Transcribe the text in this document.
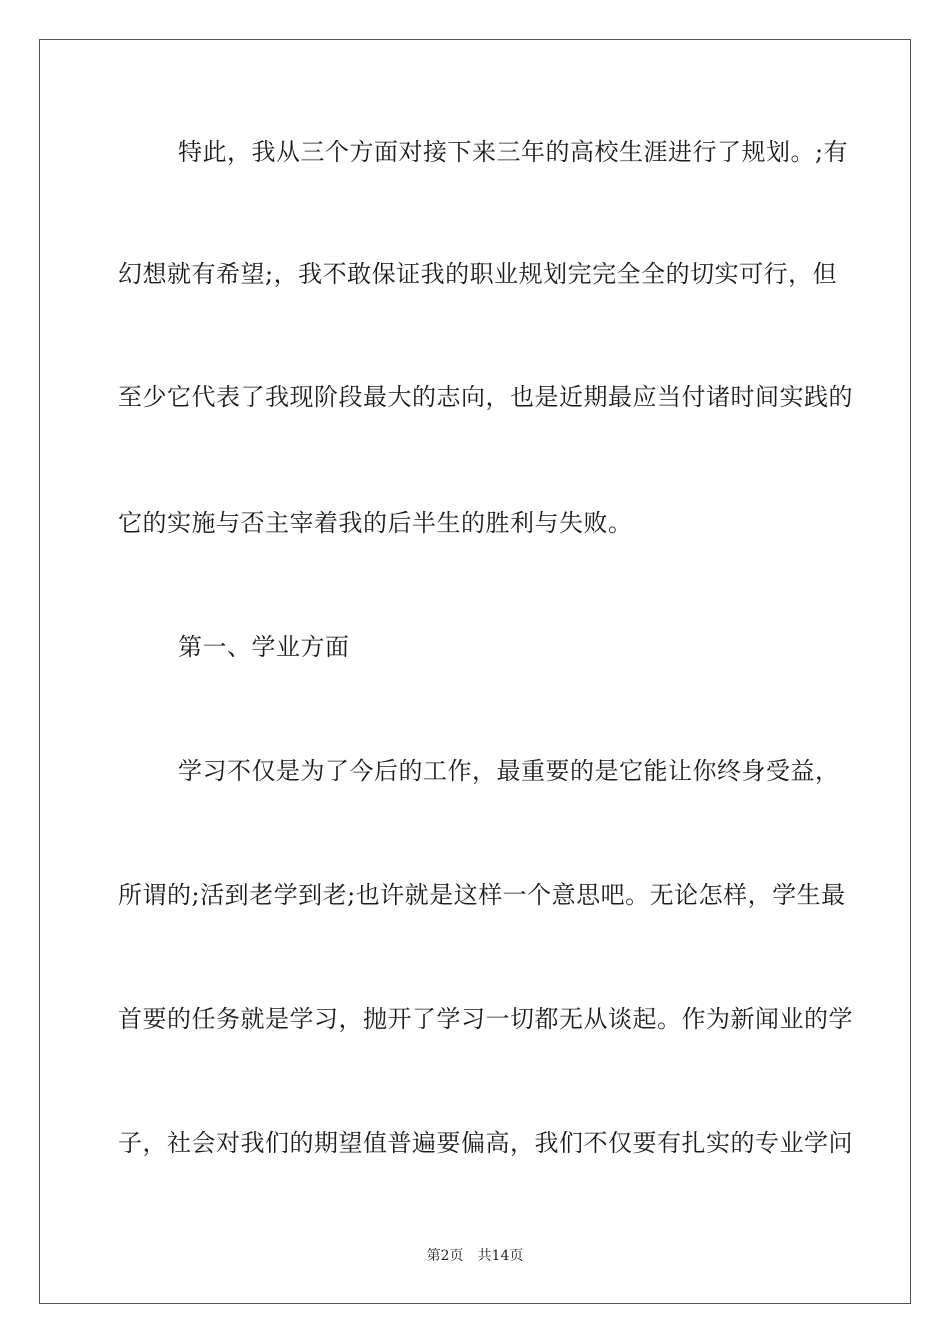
特此，我从三个方面对接下来三年的高校生涯进行了规划。;有
幻想就有希望;，我不敢保证我的职业规划完完全全的切实可行，但
至少它代表了我现阶段最大的志向，也是近期最应当付诸时间实践的
它的实施与否主宰着我的后半生的胜利与失败。
第一、学业方面
学习不仅是为了今后的工作，最重要的是它能让你终身受益，
所谓的;活到老学到老;也许就是这样一个意思吧。无论怎样，学生最
首要的任务就是学习，抛开了学习一切都无从谈起。作为新闻业的学
子，社会对我们的期望值普遍要偏高，我们不仅要有扎实的专业学问
第2页 共14页
